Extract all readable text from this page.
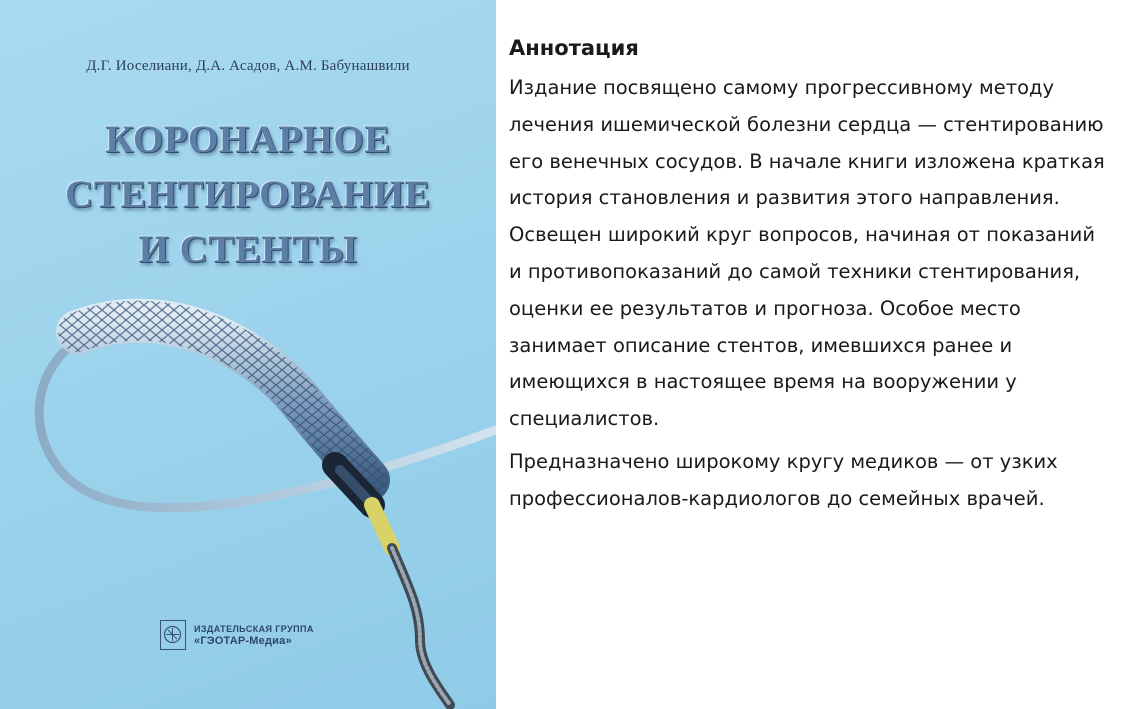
Д.Г. Иоселиани, Д.А. Асадов, А.М. Бабунашвили
КОРОНАРНОЕ
СТЕНТИРОВАНИЕ
И СТЕНТЫ
ИЗДАТЕЛЬСКАЯ ГРУППА
«ГЭОТАР-Медиа»
Аннотация

Издание посвящено самому прогрессивному методу лечения ишемической болезни сердца — стентированию его венечных сосудов. В начале книги изложена краткая история становления и развития этого направления. Освещен широкий круг вопросов, начиная от показаний и противопоказаний до самой техники стентирования, оценки ее результатов и прогноза. Особое место занимает описание стентов, имевшихся ранее и имеющихся в настоящее время на вооружении у специалистов.

Предназначено широкому кругу медиков — от узких профессионалов-кардиологов до семейных врачей.
